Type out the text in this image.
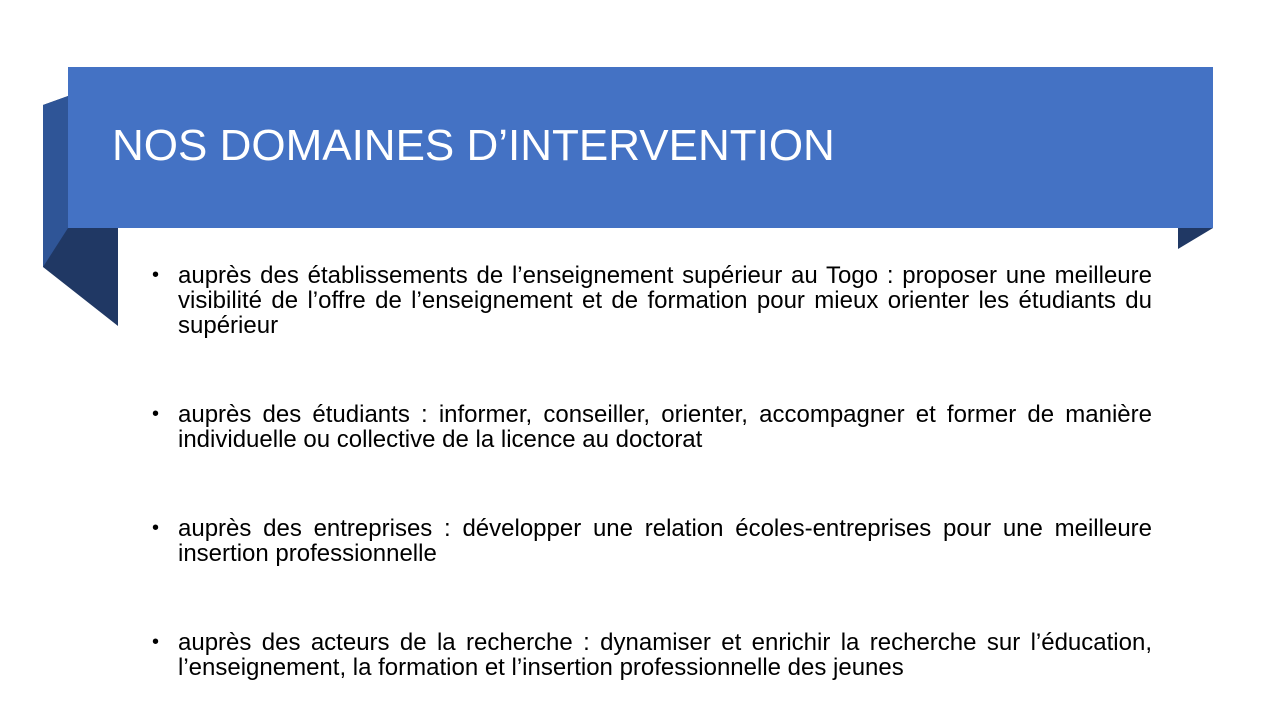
NOS DOMAINES D’INTERVENTION
• auprès des établissements de l’enseignement supérieur au Togo : proposer une meilleure visibilité de l’offre de l’enseignement et de formation pour mieux orienter les étudiants du supérieur
• auprès des étudiants : informer, conseiller, orienter, accompagner et former de manière individuelle ou collective de la licence au doctorat
• auprès des entreprises : développer une relation écoles-entreprises pour une meilleure insertion professionnelle
• auprès des acteurs de la recherche : dynamiser et enrichir la recherche sur l’éducation, l’enseignement, la formation et l’insertion professionnelle des jeunes
